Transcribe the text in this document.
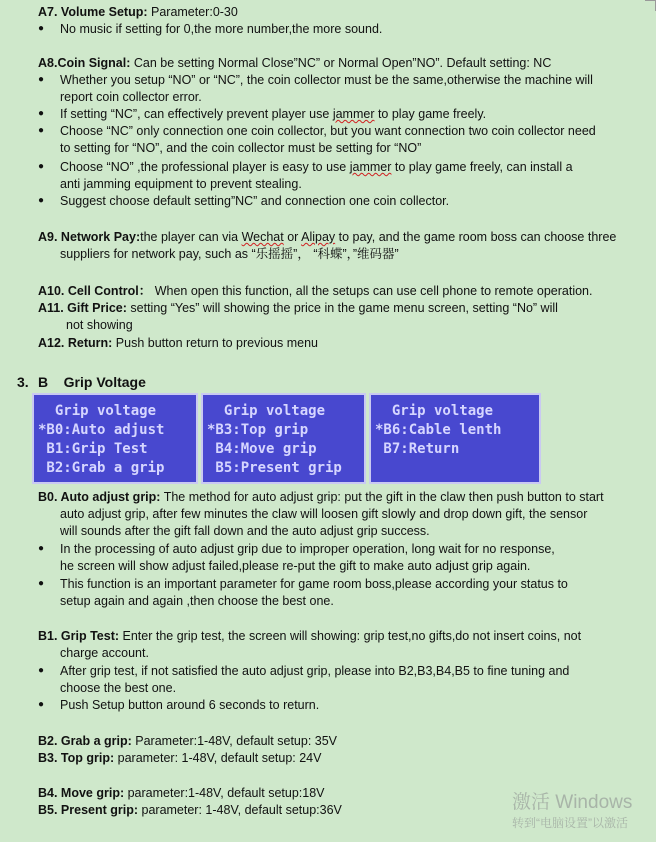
A7. Volume Setup: Parameter:0-30
● No music if setting for 0,the more number,the more sound.
A8.Coin Signal: Can be setting Normal Close”NC” or Normal Open”NO”. Default setting: NC
● Whether you setup “NO” or “NC”, the coin collector must be the same,otherwise the machine will
report coin collector error.
● If setting “NC”, can effectively prevent player use jammer to play game freely.
● Choose “NC” only connection one coin collector, but you want connection two coin collector need
to setting for “NO”, and the coin collector must be setting for “NO”
● Choose “NO” ,the professional player is easy to use jammer to play game freely, can install a
anti jamming equipment to prevent stealing.
● Suggest choose default setting”NC” and connection one coin collector.
A9. Network Pay:the player can via Wechat or Alipay to pay, and the game room boss can choose three
suppliers for network pay, such as “乐摇摇”， “科蝶”，”维码器”
A10. Cell Control： When open this function, all the setups can use cell phone to remote operation.
A11. Gift Price: setting “Yes” will showing the price in the game menu screen, setting “No” will
not showing
A12. Return: Push button return to previous menu
3. B    Grip Voltage
Grip voltage
*B0:Auto adjust
B1:Grip Test
B2:Grab a grip
Grip voltage
*B3:Top grip
B4:Move grip
B5:Present grip
Grip voltage
*B6:Cable lenth
B7:Return
B0. Auto adjust grip: The method for auto adjust grip: put the gift in the claw then push button to start
auto adjust grip, after few minutes the claw will loosen gift slowly and drop down gift, the sensor
will sounds after the gift fall down and the auto adjust grip success.
● In the processing of auto adjust grip due to improper operation, long wait for no response,
he screen will show adjust failed,please re-put the gift to make auto adjust grip again.
● This function is an important parameter for game room boss,please according your status to
setup again and again ,then choose the best one.
B1. Grip Test: Enter the grip test, the screen will showing: grip test,no gifts,do not insert coins, not
charge account.
● After grip test, if not satisfied the auto adjust grip, please into B2,B3,B4,B5 to fine tuning and
choose the best one.
● Push Setup button around 6 seconds to return.
B2. Grab a grip: Parameter:1-48V, default setup: 35V
B3. Top grip: parameter: 1-48V, default setup: 24V
B4. Move grip: parameter:1-48V, default setup:18V
B5. Present grip: parameter: 1-48V, default setup:36V	激活 Windows
转到“电脑设置”以激活
